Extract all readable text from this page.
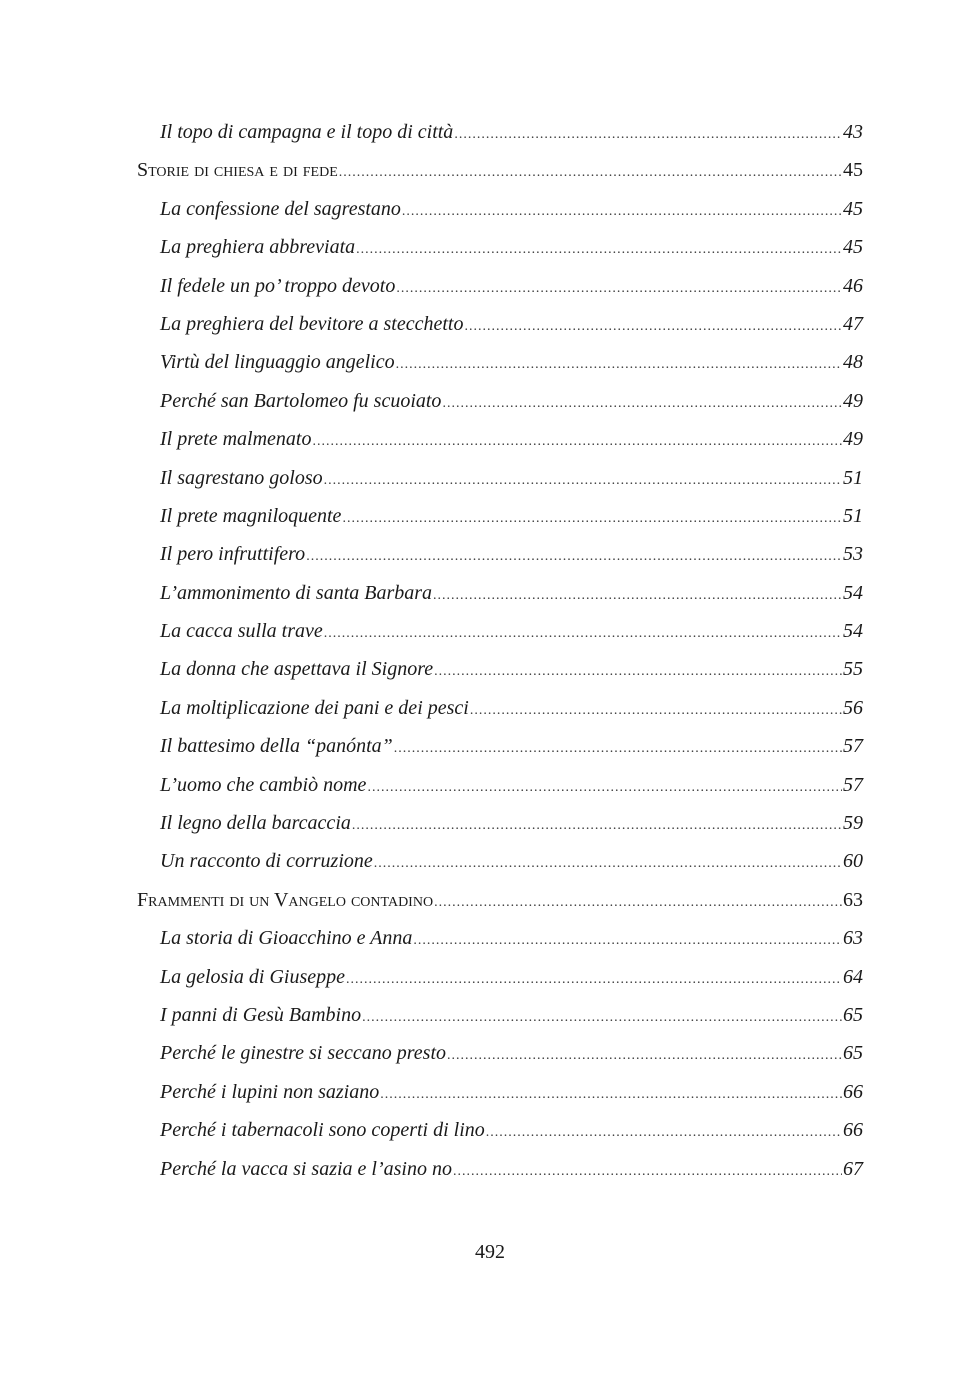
Il topo di campagna e il topo di città .....	43
Storie di chiesa e di fede .....	45
La confessione del sagrestano .....	45
La preghiera abbreviata .....	45
Il fedele un po’ troppo devoto .....	46
La preghiera del bevitore a stecchetto .....	47
Virtù del linguaggio angelico .....	48
Perché san Bartolomeo fu scuoiato .....	49
Il prete malmenato .....	49
Il sagrestano goloso .....	51
Il prete magniloquente .....	51
Il pero infruttifero .....	53
L’ammonimento di santa Barbara .....	54
La cacca sulla trave .....	54
La donna che aspettava il Signore .....	55
La moltiplicazione dei pani e dei pesci .....	56
Il battesimo della “panónta” .....	57
L’uomo che cambiò nome .....	57
Il legno della barcaccia .....	59
Un racconto di corruzione .....	60
Frammenti di un Vangelo contadino .....	63
La storia di Gioacchino e Anna .....	63
La gelosia di Giuseppe .....	64
I panni di Gesù Bambino .....	65
Perché le ginestre si seccano presto .....	65
Perché i lupini non saziano .....	66
Perché i tabernacoli sono coperti di lino .....	66
Perché la vacca si sazia e l’asino no .....	67
492
